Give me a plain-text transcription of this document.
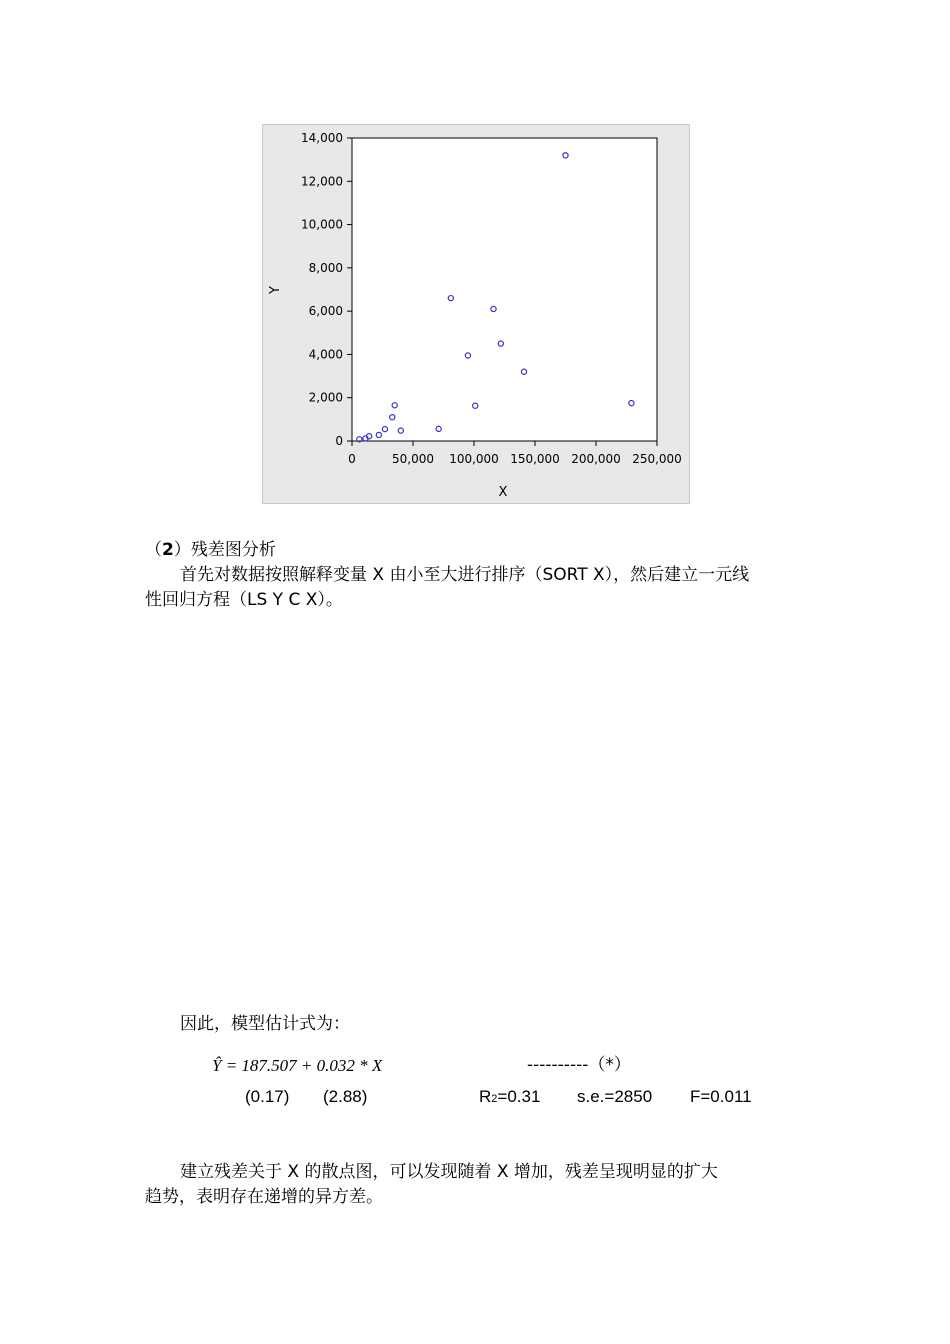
0	50,000 100,000 150,000 200,000 250,000
0
2,000
4,000
6,000
8,000
10,000
12,000
14,000
X
Y
（2）残差图分析
首先对数据按照解释变量 X 由小至大进行排序（SORT X），然后建立一元线
性回归方程（LS Y C X）。
因此，模型估计式为：
Ŷ = 187.507 + 0.032 * X	----------（*）
(0.17) (2.88)	R2=0.31 s.e.=2850 F=0.011
建立残差关于 X 的散点图，可以发现随着 X 增加，残差呈现明显的扩大
趋势，表明存在递增的异方差。
